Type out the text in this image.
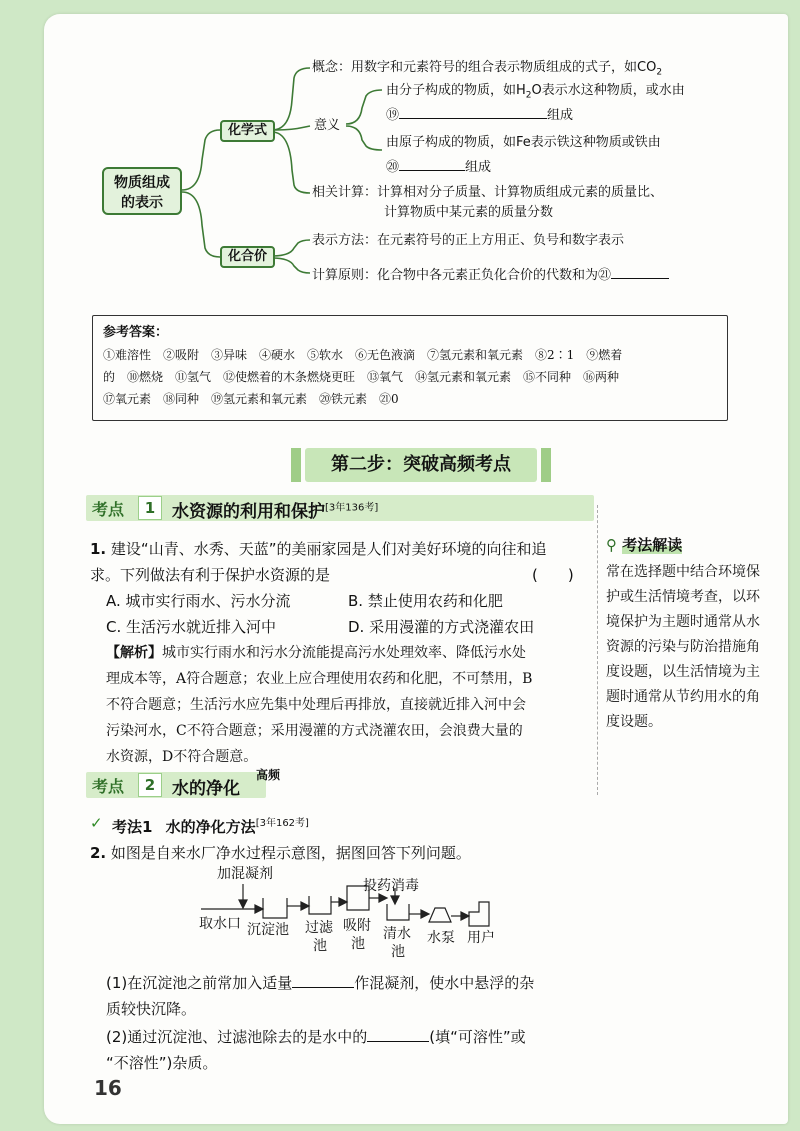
物质组成
的表示
化学式
化合价
概念：用数字和元素符号的组合表示物质组成的式子，如$CO_2$
意义
由分子构成的物质，如$H_2O$表示水这种物质，或水由
⑲	组成
由原子构成的物质，如Fe表示铁这种物质或铁由
⑳	组成
相关计算：计算相对分子质量、计算物质组成元素的质量比、
计算物质中某元素的质量分数
表示方法：在元素符号的正上方用正、负号和数字表示
计算原则：化合物中各元素正负化合价的代数和为㉑
参考答案：
①难溶性　②吸附　③异味　④硬水　⑤软水　⑥无色液滴　⑦氢元素和氧元素　⑧2∶1　⑨燃着
的　⑩燃烧　⑪氢气　⑫使燃着的木条燃烧更旺　⑬氧气　⑭氢元素和氧元素　⑮不同种　⑯两种
⑰氧元素　⑱同种　⑲氢元素和氧元素　⑳铁元素　㉑0
第二步：突破高频考点
考点	1 水资源的利用和保护[3年136考]
⚲ 考法解读
常在选择题中结合环境保护或生活情境考查，以环境保护为主题时通常从水资源的污染与防治措施角度设题，以生活情境为主题时通常从节约用水的角度设题。
1. 建设“山青、水秀、天蓝”的美丽家园是人们对美好环境的向往和追
求。下列做法有利于保护水资源的是	(　　)
A. 城市实行雨水、污水分流	B. 禁止使用农药和化肥
C. 生活污水就近排入河中	D. 采用漫灌的方式浇灌农田
【解析】城市实行雨水和污水分流能提高污水处理效率、降低污水处
理成本等，A符合题意；农业上应合理使用农药和化肥，不可禁用，B
不符合题意；生活污水应先集中处理后再排放，直接就近排入河中会
污染河水，C不符合题意；采用漫灌的方式浇灌农田，会浪费大量的
水资源，D不符合题意。
考点	2 水的净化
高频
✓ 考法1 水的净化方法[3年162考]
2. 如图是自来水厂净水过程示意图，据图回答下列问题。
加混凝剂
投药消毒
取水口 沉淀池 过滤
池
吸附
池
清水
池
水泵 用户
(1)在沉淀池之前常加入适量	作混凝剂，使水中悬浮的杂
质较快沉降。
(2)通过沉淀池、过滤池除去的是水中的	(填“可溶性”或
“不溶性”)杂质。
16
